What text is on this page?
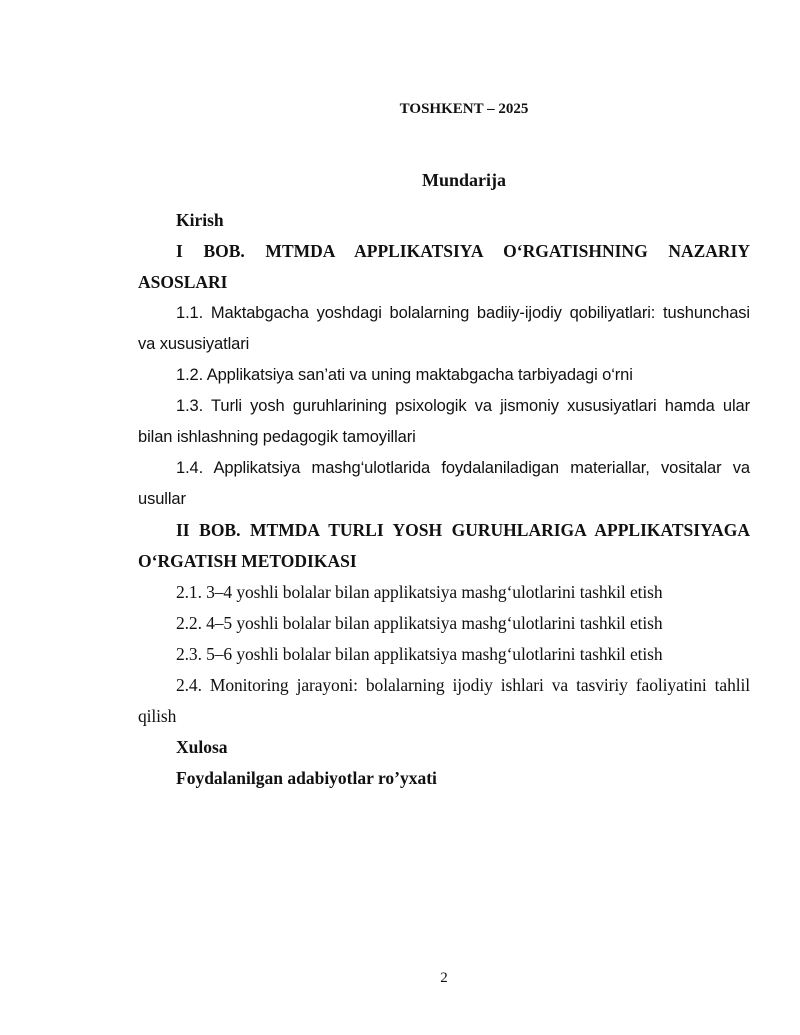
TOSHKENT – 2025
Mundarija

Kirish

I BOB. MTMDA APPLIKATSIYA O‘RGATISHNING NAZARIY ASOSLARI

1.1. Maktabgacha yoshdagi bolalarning badiiy-ijodiy qobiliyatlari: tushunchasi va xususiyatlari

1.2. Applikatsiya san’ati va uning maktabgacha tarbiyadagi o‘rni

1.3. Turli yosh guruhlarining psixologik va jismoniy xususiyatlari hamda ular bilan ishlashning pedagogik tamoyillari

1.4. Applikatsiya mashg‘ulotlarida foydalaniladigan materiallar, vositalar va usullar

II BOB. MTMDA TURLI YOSH GURUHLARIGA APPLIKATSIYAGA O‘RGATISH METODIKASI

2.1. 3–4 yoshli bolalar bilan applikatsiya mashg‘ulotlarini tashkil etish

2.2. 4–5 yoshli bolalar bilan applikatsiya mashg‘ulotlarini tashkil etish

2.3. 5–6 yoshli bolalar bilan applikatsiya mashg‘ulotlarini tashkil etish

2.4. Monitoring jarayoni: bolalarning ijodiy ishlari va tasviriy faoliyatini tahlil qilish

Xulosa

Foydalanilgan adabiyotlar ro’yxati

2
